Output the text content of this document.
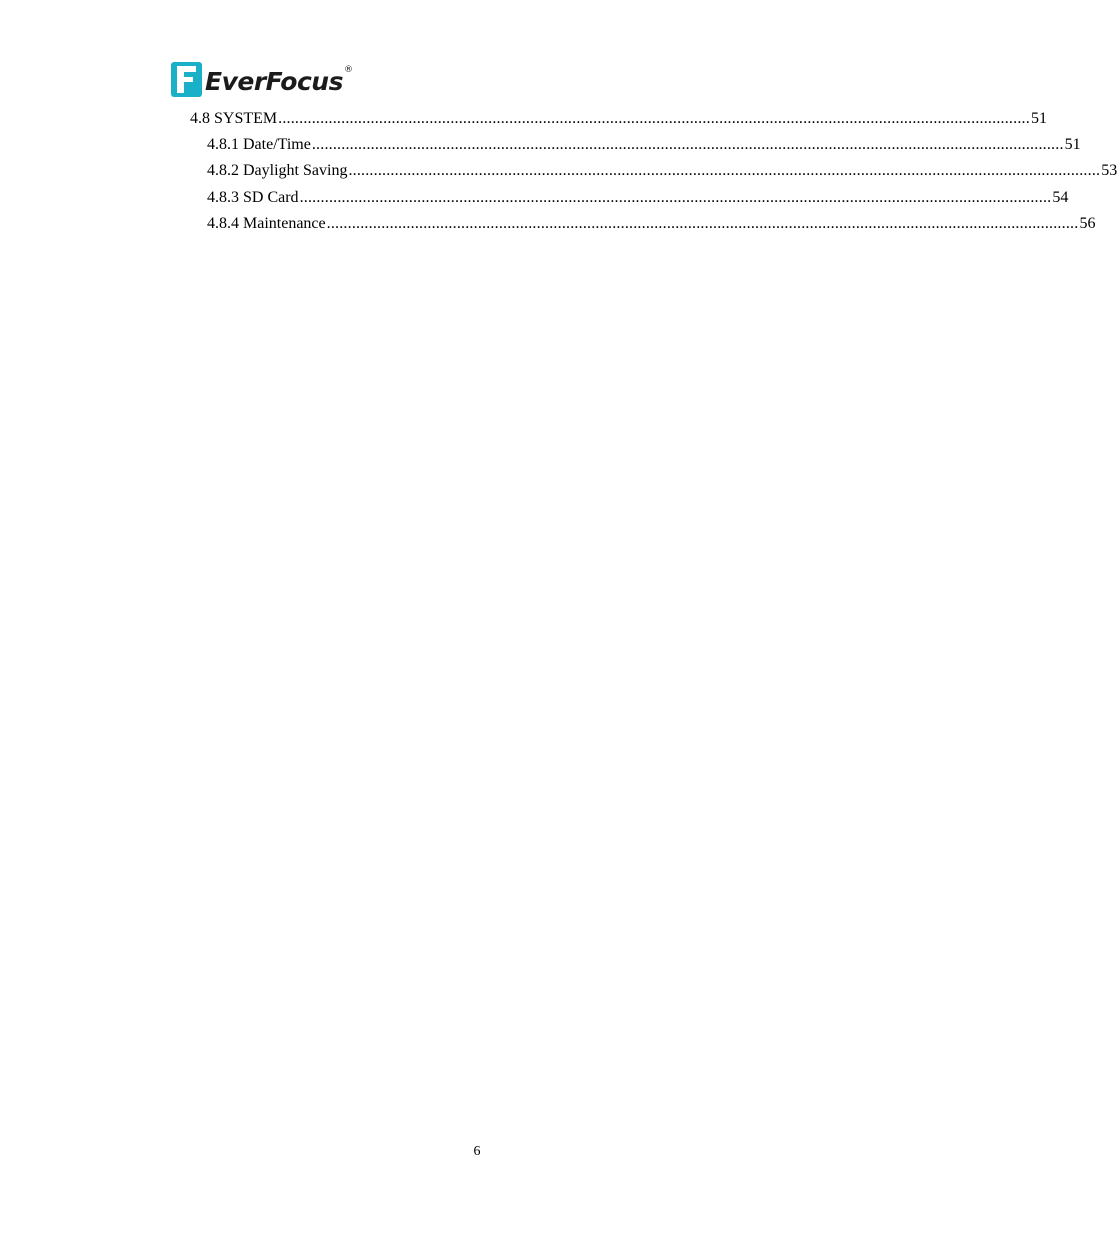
EverFocus ®
4.8 SYSTEM ................................................................................................................................................................................... 51
4.8.1 Date/Time ................................................................................................................................................................................... 51
4.8.2 Daylight Saving ................................................................................................................................................................................... 53
4.8.3 SD Card ................................................................................................................................................................................... 54
4.8.4 Maintenance ................................................................................................................................................................................... 56
6
